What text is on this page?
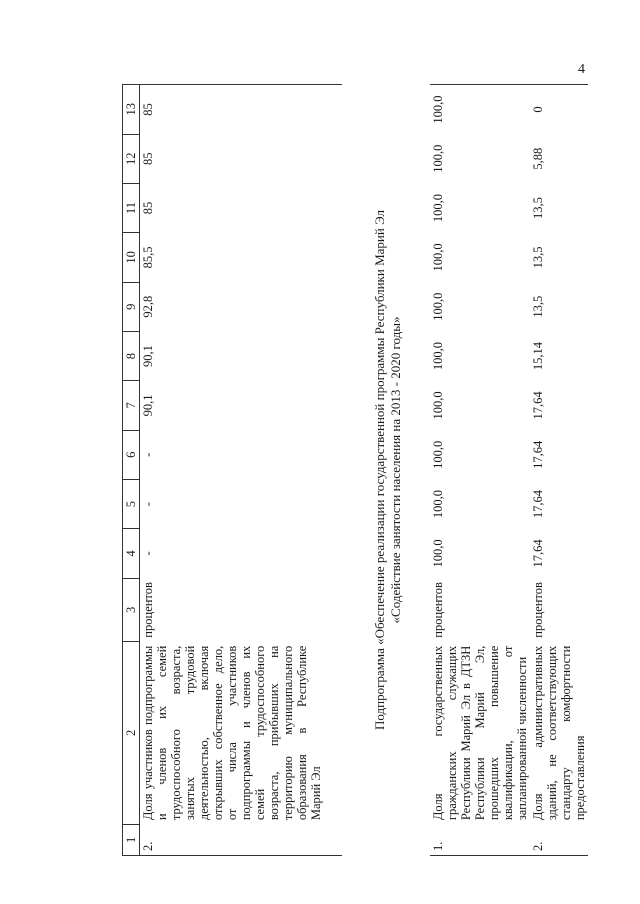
4
1	2	3	4	5	6	7	8	9	10	11	12	13
2.	Доля участников подпрограммы и членов их семей трудоспособного возраста, занятых трудовой деятельностью, включая открывших собственное дело, от числа участников подпрограммы и членов их семей трудоспособного возраста, прибывших на территорию муниципального образования в Республике Марий Эл	процентов	-	-	-	90,1	90,1	92,8	85,5	85	85	85

Подпрограмма «Обеспечение реализации государственной программы Республики Марий Эл «Содействие занятости населения на 2013 - 2020 годы»												

1.	Доля государственных гражданских служащих Республики Марий Эл в ДТЗН Республики Марий Эл, прошедших повышение квалификации, от запланированной численности	процентов	100,0	100,0	100,0	100,0	100,0	100,0	100,0	100,0	100,0	100,0
2.	Доля административных зданий, не соответствующих стандарту комфортности предоставления	процентов	17,64	17,64	17,64	17,64	15,14	13,5	13,5	13,5	5,88	0
